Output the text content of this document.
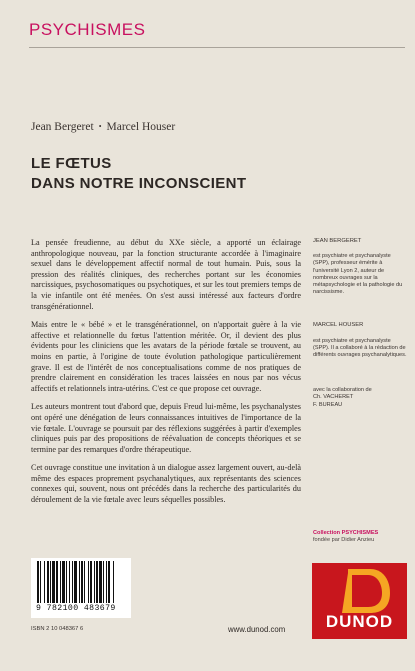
PSYCHISMES
Jean Bergeret • Marcel Houser
LE FŒTUS
DANS NOTRE INCONSCIENT

La pensée freudienne, au début du XXe siècle, a apporté un éclairage anthropologique nouveau, par la fonction structurante accordée à l'imaginaire sexuel dans le développement affectif normal de tout humain. Puis, sous la pression des réalités cliniques, des recherches portant sur les économies narcissiques, psychosomatiques ou psychotiques, et sur les tout premiers temps de la vie infantile ont été menées. On s'est aussi intéressé aux facteurs d'ordre transgénérationnel.

Mais entre le « bébé » et le transgénérationnel, on n'apportait guère à la vie affective et relationnelle du fœtus l'attention méritée. Or, il devient des plus évidents pour les cliniciens que les avatars de la période fœtale se trouvent, au moins en partie, à l'origine de toute évolution pathologique particulièrement grave. Il est de l'intérêt de nos conceptualisations comme de nos pratiques de prendre clairement en considération les traces laissées en nous par nos vécus affectifs et relationnels intra-utérins. C'est ce que propose cet ouvrage.

Les auteurs montrent tout d'abord que, depuis Freud lui-même, les psychanalystes ont opéré une dénégation de leurs connaissances intuitives de l'importance de la vie fœtale. L'ouvrage se poursuit par des réflexions suggérées à partir d'exemples cliniques puis par des propositions de réévaluation de concepts théoriques et se termine par des remarques d'ordre thérapeutique.

Cet ouvrage constitue une invitation à un dialogue assez largement ouvert, au-delà même des espaces proprement psychanalytiques, aux représentants des sciences connexes qui, souvent, nous ont précédés dans la recherche des particularités du déroulement de la vie fœtale avec leurs séquelles possibles.

JEAN BERGERET
est psychiatre et psychanalyste (SPP), professeur émérite à l'université Lyon 2, auteur de nombreux ouvrages sur la métapsychologie et la pathologie du narcissisme.
MARCEL HOUSER
est psychiatre et psychanalyste (SPP). Il a collaboré à la rédaction de différents ouvrages psychanalytiques.
avec la collaboration de
Ch. VACHERET
F. BUREAU
Collection PSYCHISMES
fondée par Didier Anzieu
9 782100 483679
ISBN 2 10 048367 6	www.dunod.com	DUNOD
